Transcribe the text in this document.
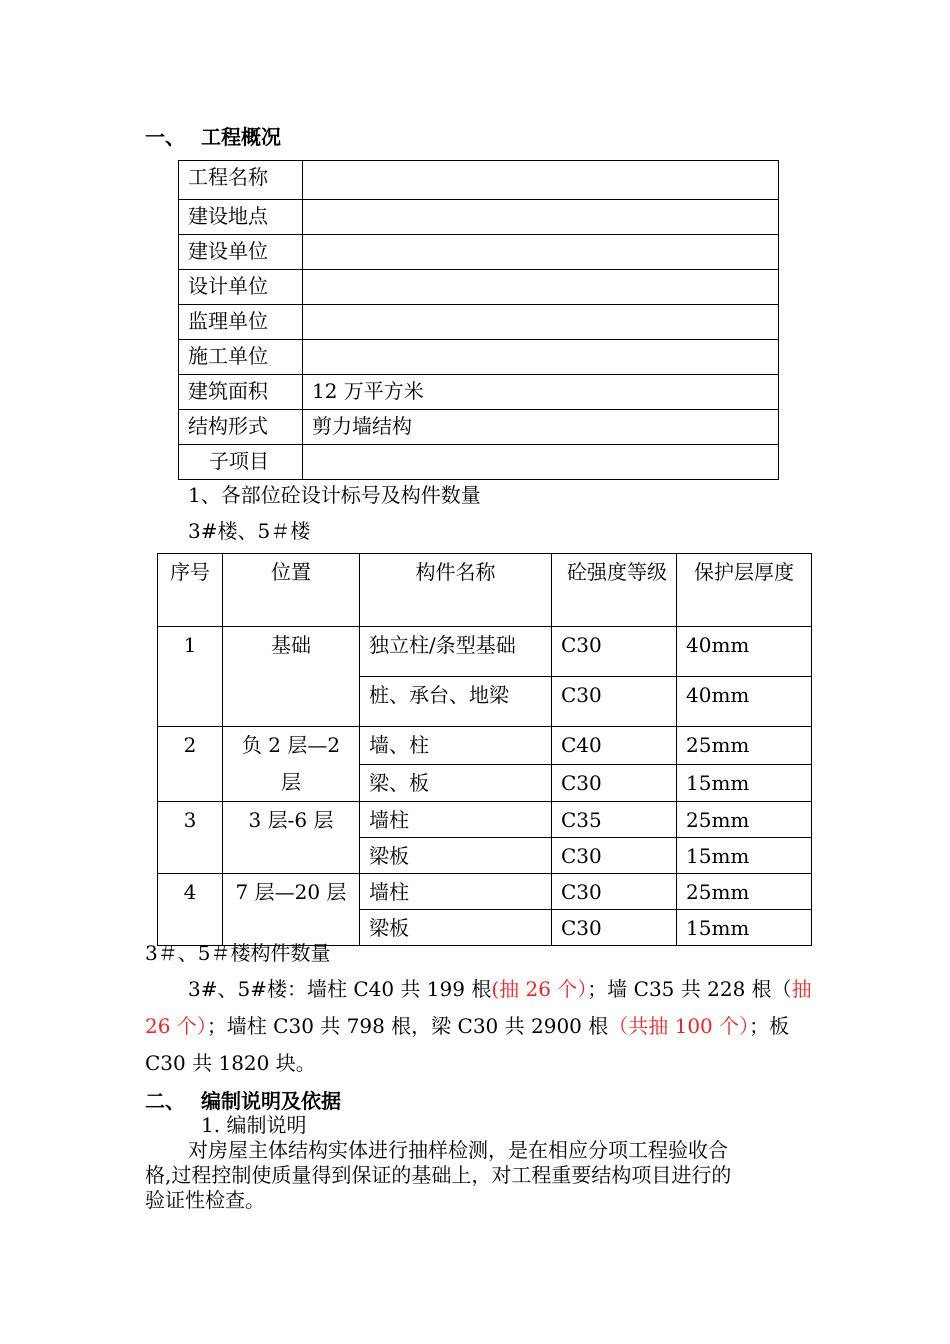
一、 工程概况
工程名称	

建设地点	

建设单位	

设计单位	

监理单位	

施工单位	

建筑面积	12 万平方米

结构形式	剪力墙结构

子项目	

1、各部位砼设计标号及构件数量
3#楼、5＃楼
序号	位置	构件名称	砼强度等级	保护层厚度

1	基础	独立柱/条型基础	C30	40mm

		桩、承台、地梁	C30	40mm

2	负 2 层—2 层	墙、柱	C40	25mm

		梁、板	C30	15mm

3	3 层-6 层	墙柱	C35	25mm

		梁板	C30	15mm

4	7 层—20 层	墙柱	C30	25mm

		梁板	C30	15mm
3＃、5＃楼构件数量
3#、5#楼：墙柱 C40 共 199 根(抽 26 个）；墙 C35 共 228 根（抽
26 个）；墙柱 C30 共 798 根，梁 C30 共 2900 根（共抽 100 个）；板
C30 共 1820 块。
二、 编制说明及依据
1. 编制说明
对房屋主体结构实体进行抽样检测，是在相应分项工程验收合
格,过程控制使质量得到保证的基础上，对工程重要结构项目进行的
验证性检查。
